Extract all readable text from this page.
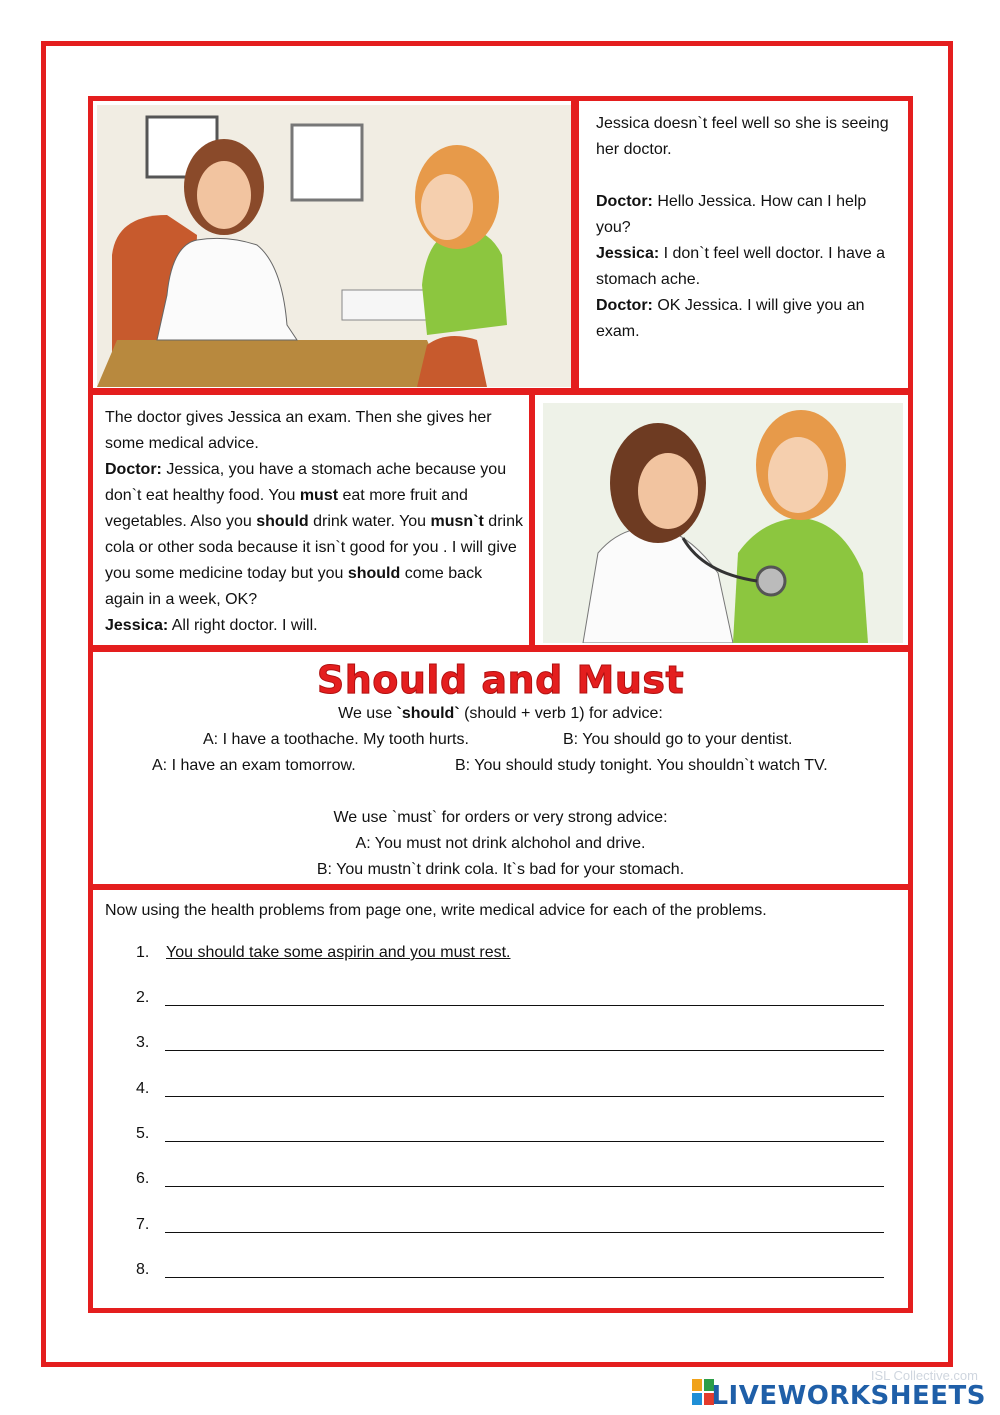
Jessica doesn`t feel well so she is seeing her doctor.

Doctor: Hello Jessica. How can I help you?

Jessica: I don`t feel well doctor. I have a stomach ache.

Doctor: OK Jessica. I will give you an exam.

The doctor gives Jessica an exam. Then she gives her some medical advice.

Doctor: Jessica, you have a stomach ache because you don`t eat healthy food. You must eat more fruit and vegetables. Also you should drink water. You musn`t drink cola or other soda because it isn`t good for you . I will give you some medicine today but you should come back again in a week, OK?

Jessica: All right doctor. I will.

Should and Must
We use `should` (should + verb 1) for advice:
A: I have a toothache. My tooth hurts.	B: You should go to your dentist.
A: I have an exam tomorrow.	B: You should study tonight. You shouldn`t watch TV.
We use `must` for orders or very strong advice:
A: You must not drink alchohol and drive.
B: You mustn`t drink cola. It`s bad for your stomach.
Now using the health problems from page one, write medical advice for each of the problems.
1. You should take some aspirin and you must rest.
2.
3.
4.
5.
6.
7.
8.
ISL Collective.com
LIVEWORKSHEETS
